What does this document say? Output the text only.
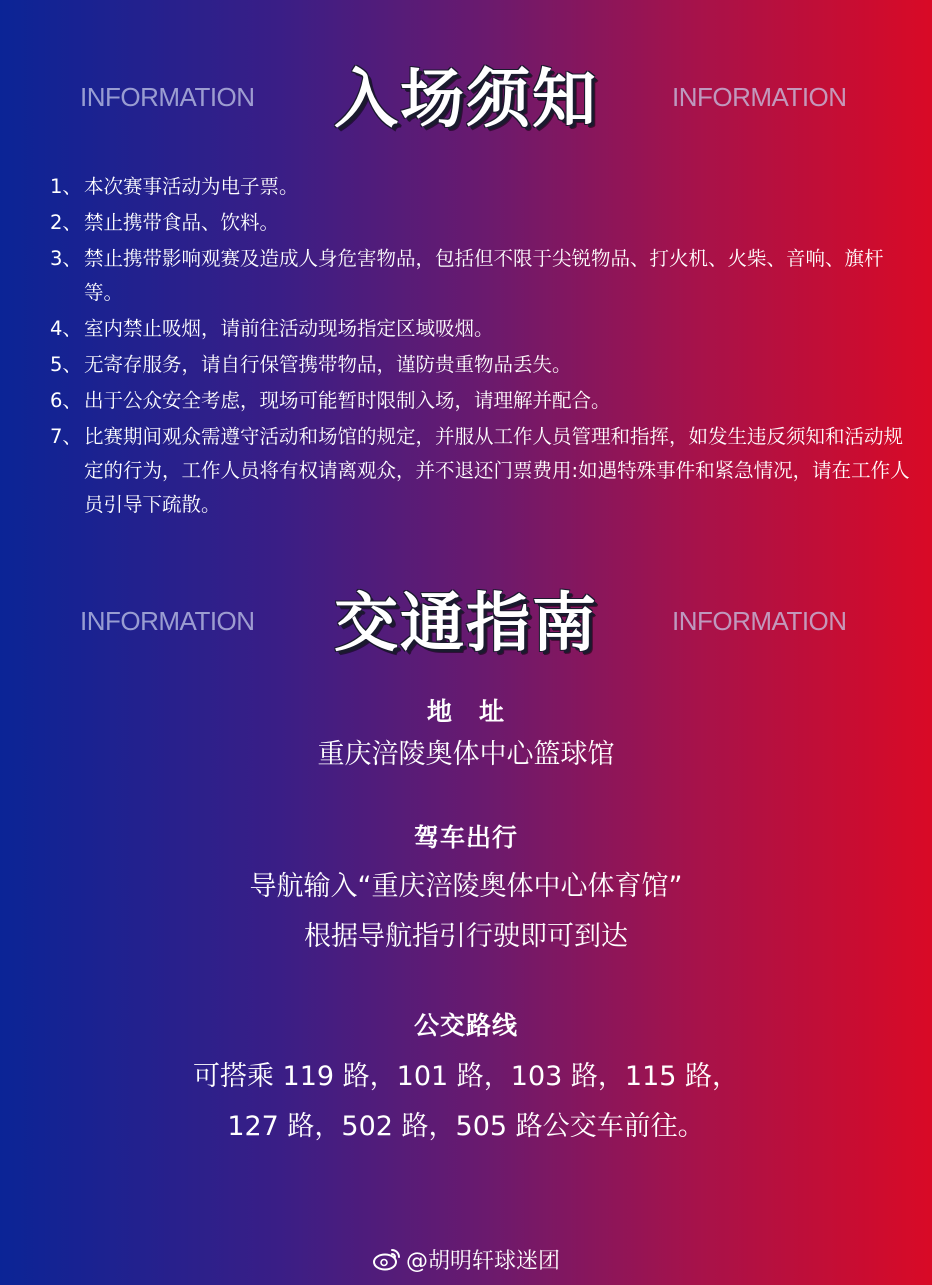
INFORMATION	入场须知	INFORMATION
1、 本次赛事活动为电子票。
2、 禁止携带食品、饮料。
3、 禁止携带影响观赛及造成人身危害物品，包括但不限于尖锐物品、打火机、火柴、音响、旗杆等。
4、 室内禁止吸烟，请前往活动现场指定区域吸烟。
5、 无寄存服务，请自行保管携带物品，谨防贵重物品丢失。
6、 出于公众安全考虑，现场可能暂时限制入场，请理解并配合。
7、 比赛期间观众需遵守活动和场馆的规定，并服从工作人员管理和指挥，如发生违反须知和活动规定的行为，工作人员将有权请离观众，并不退还门票费用:如遇特殊事件和紧急情况，请在工作人员引导下疏散。
INFORMATION	交通指南	INFORMATION
地　址
重庆涪陵奥体中心篮球馆
驾车出行
导航输入“重庆涪陵奥体中心体育馆”
根据导航指引行驶即可到达
公交路线
可搭乘 119 路，101 路，103 路，115 路，
127 路，502 路，505 路公交车前往。
@胡明轩球迷团
